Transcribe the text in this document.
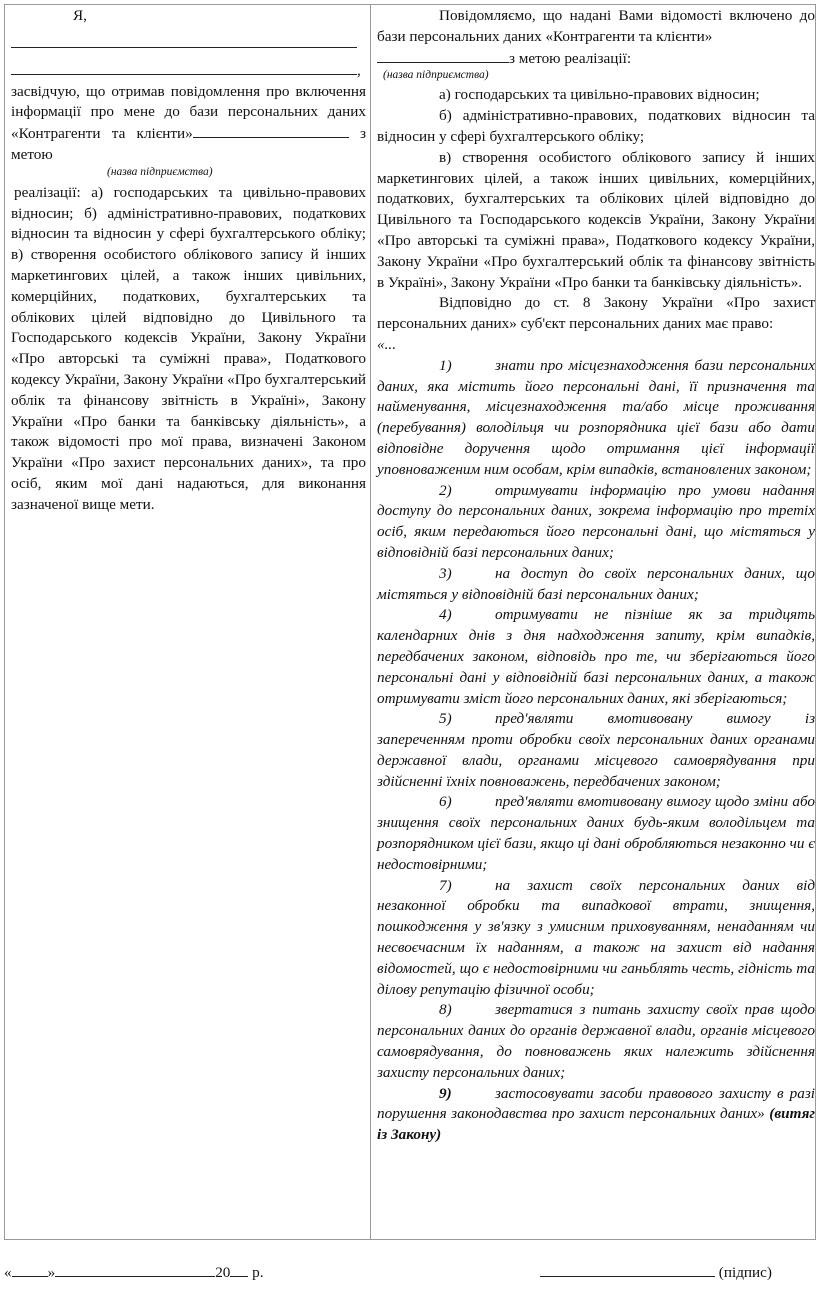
Я,

,

засвідчую, що отримав повідомлення про включення інформації про мене до бази персональних даних «Контрагенти та клієнти»	з метою

(назва підприємства)

реалізації: а) господарських та цивільно-правових відносин; б) адміністративно-правових, податкових відносин та відносин у сфері бухгалтерського обліку; в) створення особистого облікового запису й інших маркетингових цілей, а також інших цивільних, комерційних, податкових, бухгалтерських та облікових цілей відповідно до Цивільного та Господарського кодексів України, Закону України «Про авторські та суміжні права», Податкового кодексу України, Закону України «Про бухгалтерський облік та фінансову звітність в Україні», Закону України «Про банки та банківську діяльність», а також відомості про мої права, визначені Законом України «Про захист персональних даних», та про осіб, яким мої дані надаються, для виконання зазначеної вище мети.

Повідомляємо, що надані Вами відомості включено до бази персональних даних «Контрагенти та клієнти»

з метою реалізації:

(назва підприємства)

а) господарських та цивільно-правових відносин;

б) адміністративно-правових, податкових відносин та відносин у сфері бухгалтерського обліку;

в) створення особистого облікового запису й інших маркетингових цілей, а також інших цивільних, комерційних, податкових, бухгалтерських та облікових цілей відповідно до Цивільного та Господарського кодексів України, Закону України «Про авторські та суміжні права», Податкового кодексу України, Закону України «Про бухгалтерський облік та фінансову звітність в Україні», Закону України «Про банки та банківську діяльність».

Відповідно до ст. 8 Закону України «Про захист персональних даних» суб'єкт персональних даних має право:

«...

1)	знати про місцезнаходження бази персональних даних, яка містить його персональні дані, її призначення та найменування, місцезнаходження та/або місце проживання (перебування) володільця чи розпорядника цієї бази або дати відповідне доручення щодо отримання цієї інформації уповноваженим ним особам, крім випадків, встановлених законом;

2)	отримувати інформацію про умови надання доступу до персональних даних, зокрема інформацію про третіх осіб, яким передаються його персональні дані, що містяться у відповідній базі персональних даних;

3)	на доступ до своїх персональних даних, що містяться у відповідній базі персональних даних;

4)	отримувати не пізніше як за тридцять календарних днів з дня надходження запиту, крім випадків, передбачених законом, відповідь про те, чи зберігаються його персональні дані у відповідній базі персональних даних, а також отримувати зміст його персональних даних, які зберігаються;

5)	пред'являти вмотивовану вимогу із запереченням проти обробки своїх персональних даних органами державної влади, органами місцевого самоврядування при здійсненні їхніх повноважень, передбачених законом;

6)	пред'являти вмотивовану вимогу щодо зміни або знищення своїх персональних даних будь-яким володільцем та розпорядником цієї бази, якщо ці дані обробляються незаконно чи є недостовірними;

7)	на захист своїх персональних даних від незаконної обробки та випадкової втрати, знищення, пошкодження у зв'язку з умисним приховуванням, ненаданням чи несвоєчасним їх наданням, а також на захист від надання відомостей, що є недостовірними чи ганьблять честь, гідність та ділову репутацію фізичної особи;

8)	звертатися з питань захисту своїх прав щодо персональних даних до органів державної влади, органів місцевого самоврядування, до повноважень яких належить здійснення захисту персональних даних;

9)	застосовувати засоби правового захисту в разі порушення законодавства про захист персональних даних» (витяг із Закону)

« »	20 р.	(підпис)
